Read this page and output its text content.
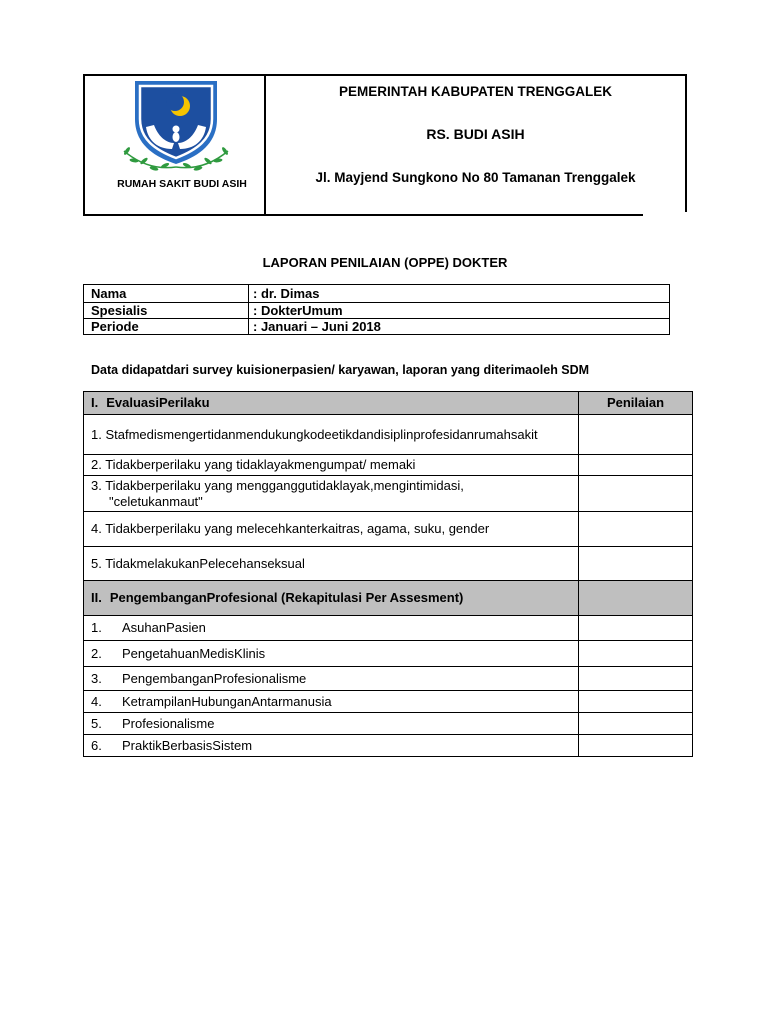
RUMAH SAKIT BUDI ASIH
PEMERINTAH KABUPATEN TRENGGALEK
RS. BUDI ASIH
Jl. Mayjend Sungkono No 80 Tamanan Trenggalek
LAPORAN PENILAIAN (OPPE) DOKTER
Nama	: dr. Dimas
Spesialis	: DokterUmum
Periode	: Januari – Juni 2018
Data didapatdari survey kuisionerpasien/ karyawan, laporan yang diterimaoleh SDM
I. EvaluasiPerilaku	Penilaian
1. Stafmedismengertidanmendukungkodeetikdandisiplinprofesidanrumahsakit
2. Tidakberperilaku yang tidaklayakmengumpat/ memaki
3. Tidakberperilaku yang mengganggutidaklayak,mengintimidasi,
"celetukanmaut"
4. Tidakberperilaku yang melecehkanterkaitras, agama, suku, gender
5. TidakmelakukanPelecehanseksual
II. PengembanganProfesional (Rekapitulasi Per Assesment)
1.	AsuhanPasien
2.	PengetahuanMedisKlinis
3.	PengembanganProfesionalisme
4.	KetrampilanHubunganAntarmanusia
5.	Profesionalisme
6.	PraktikBerbasisSistem
